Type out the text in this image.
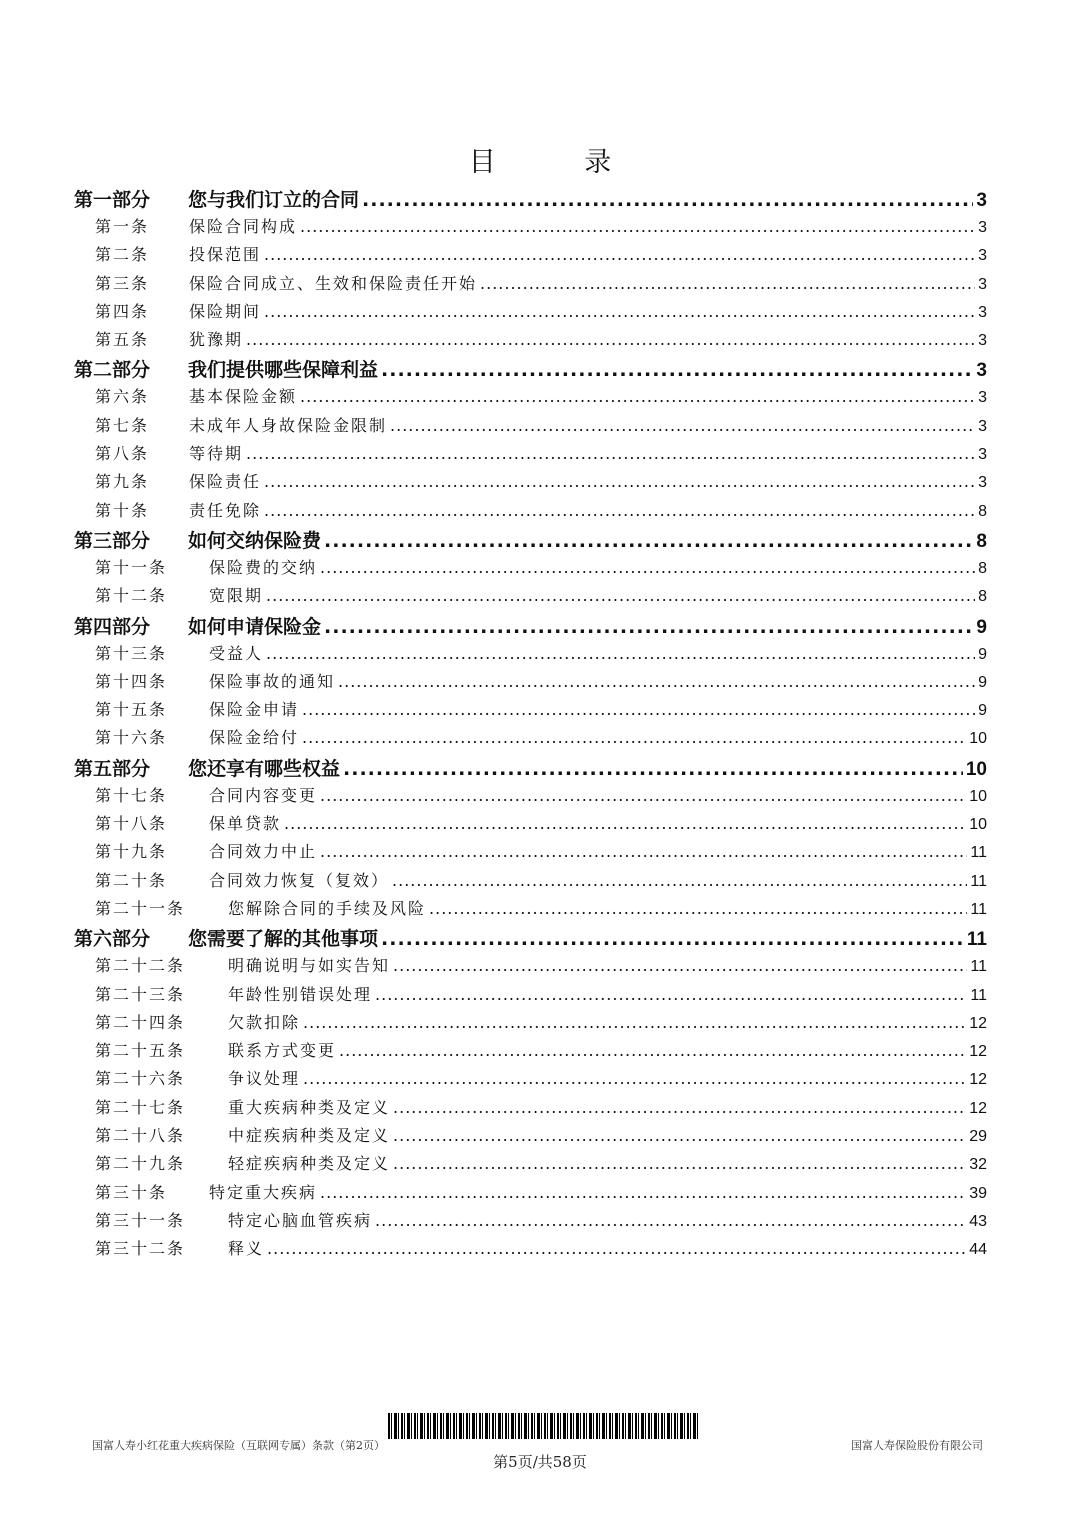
目 录
第一部分	您与我们订立的合同 .....	3
第一条	保险合同构成 .....	3
第二条	投保范围 .....	3
第三条	保险合同成立、生效和保险责任开始 .....	3
第四条	保险期间 .....	3
第五条	犹豫期 .....	3
第二部分	我们提供哪些保障利益 .....	3
第六条	基本保险金额 .....	3
第七条	未成年人身故保险金限制 .....	3
第八条	等待期 .....	3
第九条	保险责任 .....	3
第十条	责任免除 .....	8
第三部分	如何交纳保险费 .....	8
第十一条	保险费的交纳 .....	8
第十二条	宽限期 .....	8
第四部分	如何申请保险金 .....	9
第十三条	受益人 .....	9
第十四条	保险事故的通知 .....	9
第十五条	保险金申请 .....	9
第十六条	保险金给付 .....	10
第五部分	您还享有哪些权益 .....	10
第十七条	合同内容变更 .....	10
第十八条	保单贷款 .....	10
第十九条	合同效力中止 .....	11
第二十条	合同效力恢复（复效） .....	11
第二十一条	您解除合同的手续及风险 .....	11
第六部分	您需要了解的其他事项 .....	11
第二十二条	明确说明与如实告知 .....	11
第二十三条	年龄性别错误处理 .....	11
第二十四条	欠款扣除 .....	12
第二十五条	联系方式变更 .....	12
第二十六条	争议处理 .....	12
第二十七条	重大疾病种类及定义 .....	12
第二十八条	中症疾病种类及定义 .....	29
第二十九条	轻症疾病种类及定义 .....	32
第三十条	特定重大疾病 .....	39
第三十一条	特定心脑血管疾病 .....	43
第三十二条	释义 .....	44
国富人寿小红花重大疾病保险（互联网专属）条款（第2页）	国富人寿保险股份有限公司
第5页/共58页
